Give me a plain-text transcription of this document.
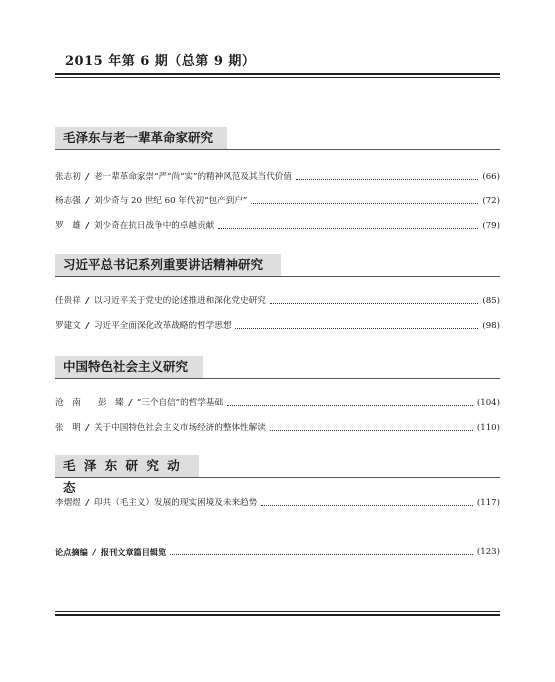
2015 年第 6 期（总第 9 期）
毛泽东与老一辈革命家研究
张志初 / 老一辈革命家崇“严”尚“实”的精神风范及其当代价值	(66)
杨志强 / 刘少奇与 20 世纪 60 年代初“包产到户”	(72)
罗　雄 / 刘少奇在抗日战争中的卓越贡献	(79)
习近平总书记系列重要讲话精神研究
任贵祥 / 以习近平关于党史的论述推进和深化党史研究	(85)
罗建文 / 习近平全面深化改革战略的哲学思想	(98)
中国特色社会主义研究
沧　南　　彭　臻 / “三个自信”的哲学基础	(104)
张　明 / 关于中国特色社会主义市场经济的整体性解读	(110)
毛 泽 东 研 究 动 态
李熠煜 / 印共（毛主义）发展的现实困境及未来趋势	(117)
论点摘编 / 报刊文章篇目辑览	(123)
